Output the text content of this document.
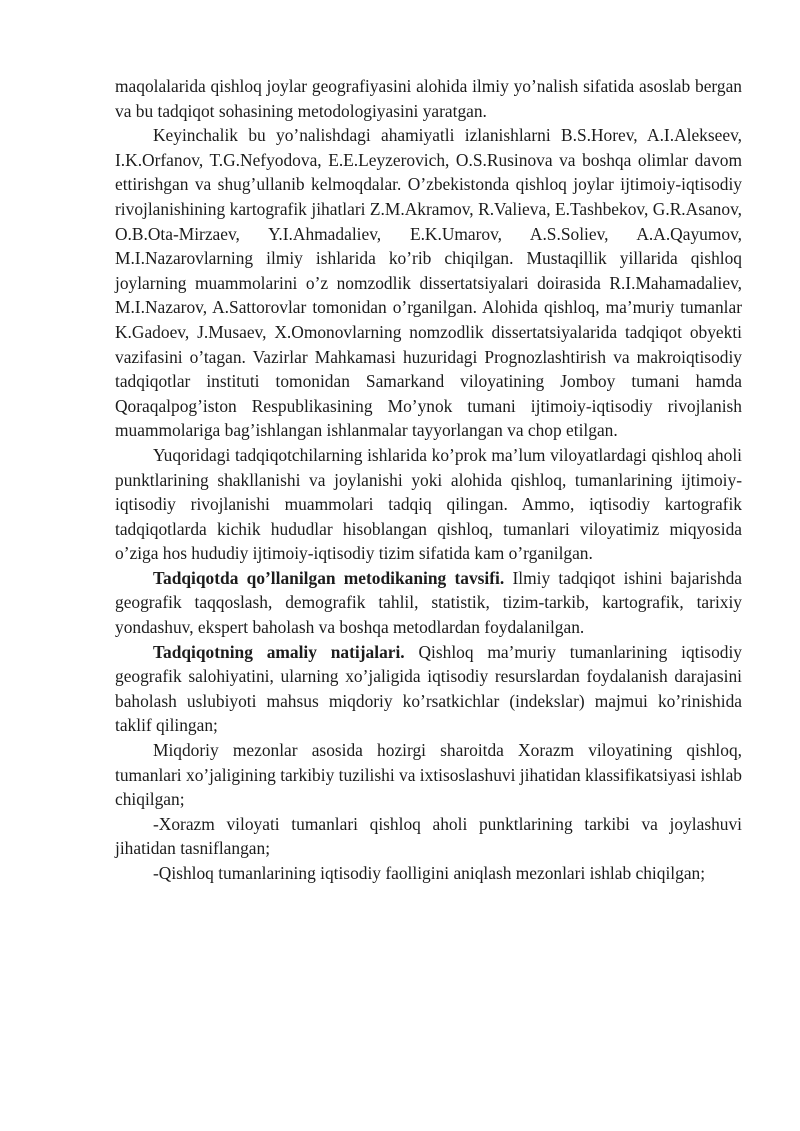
maqolalarida qishloq joylar geografiyasini alohida ilmiy yo’nalish sifatida asoslab bergan va bu tadqiqot sohasining metodologiyasini yaratgan.

Keyinchalik bu yo’nalishdagi ahamiyatli izlanishlarni B.S.Horev, A.I.Alekseev, I.K.Orfanov, T.G.Nefyodova, E.E.Leyzerovich, O.S.Rusinova va boshqa olimlar davom ettirishgan va shug’ullanib kelmoqdalar. O’zbekistonda qishloq joylar ijtimoiy-iqtisodiy rivojlanishining kartografik jihatlari Z.M.Akramov, R.Valieva, E.Tashbekov, G.R.Asanov, O.B.Ota-Mirzaev, Y.I.Ahmadaliev, E.K.Umarov, A.S.Soliev, A.A.Qayumov, M.I.Nazarovlarning ilmiy ishlarida ko’rib chiqilgan. Mustaqillik yillarida qishloq joylarning muammolarini o’z nomzodlik dissertatsiyalari doirasida R.I.Mahamadaliev, M.I.Nazarov, A.Sattorovlar tomonidan o’rganilgan. Alohida qishloq, ma’muriy tumanlar K.Gadoev, J.Musaev, X.Omonovlarning nomzodlik dissertatsiyalarida tadqiqot obyekti vazifasini o’tagan. Vazirlar Mahkamasi huzuridagi Prognozlashtirish va makroiqtisodiy tadqiqotlar instituti tomonidan Samarkand viloyatining Jomboy tumani hamda Qoraqalpog’iston Respublikasining Mo’ynok tumani ijtimoiy-iqtisodiy rivojlanish muammolariga bag’ishlangan ishlanmalar tayyorlangan va chop etilgan.

Yuqoridagi tadqiqotchilarning ishlarida ko’prok ma’lum viloyatlardagi qishloq aholi punktlarining shakllanishi va joylanishi yoki alohida qishloq, tumanlarining ijtimoiy-iqtisodiy rivojlanishi muammolari tadqiq qilingan. Ammo, iqtisodiy kartografik tadqiqotlarda kichik hududlar hisoblangan qishloq, tumanlari viloyatimiz miqyosida o’ziga hos hududiy ijtimoiy-iqtisodiy tizim sifatida kam o’rganilgan.

Tadqiqotda qo’llanilgan metodikaning tavsifi. Ilmiy tadqiqot ishini bajarishda geografik taqqoslash, demografik tahlil, statistik, tizim-tarkib, kartografik, tarixiy yondashuv, ekspert baholash va boshqa metodlardan foydalanilgan.

Tadqiqotning amaliy natijalari. Qishloq ma’muriy tumanlarining iqtisodiy geografik salohiyatini, ularning xo’jaligida iqtisodiy resurslardan foydalanish darajasini baholash uslubiyoti mahsus miqdoriy ko’rsatkichlar (indekslar) majmui ko’rinishida taklif qilingan;

Miqdoriy mezonlar asosida hozirgi sharoitda Xorazm viloyatining qishloq, tumanlari xo’jaligining tarkibiy tuzilishi va ixtisoslashuvi jihatidan klassifikatsiyasi ishlab chiqilgan;

-Xorazm viloyati tumanlari qishloq aholi punktlarining tarkibi va joylashuvi jihatidan tasniflangan;

-Qishloq tumanlarining iqtisodiy faolligini aniqlash mezonlari ishlab chiqilgan;
